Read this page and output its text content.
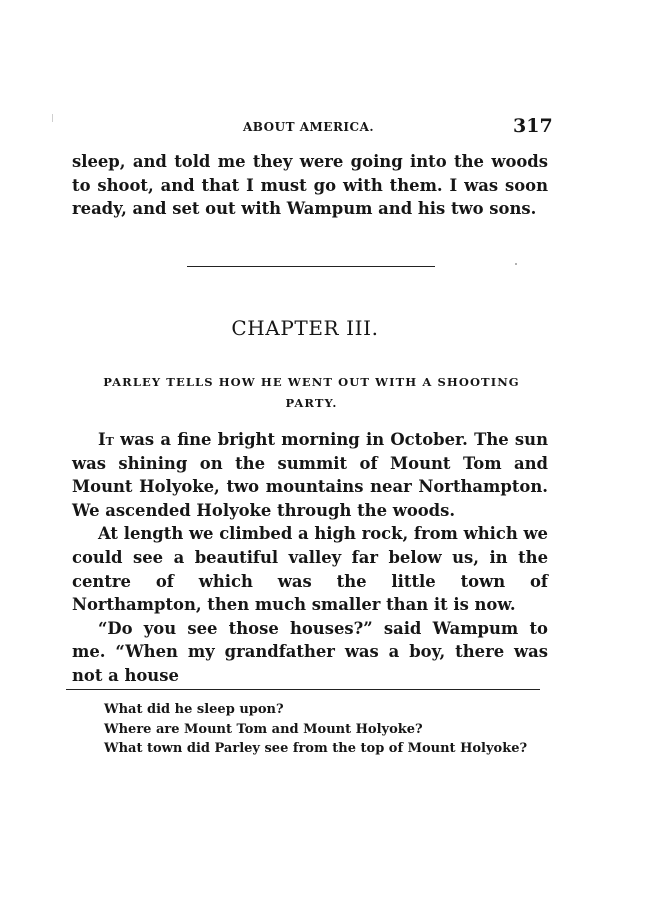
ABOUT AMERICA.	317

sleep, and told me they were going into the woods to shoot, and that I must go with them. I was soon ready, and set out with Wampum and his two sons.

CHAPTER III.
PARLEY TELLS HOW HE WENT OUT WITH A SHOOTING
PARTY.

It was a fine bright morning in October. The sun was shining on the summit of Mount Tom and Mount Holyoke, two mountains near Northampton. We ascended Holyoke through the woods.

At length we climbed a high rock, from which we could see a beautiful valley far below us, in the centre of which was the little town of Northampton, then much smaller than it is now.

“Do you see those houses?” said Wampum to me. “When my grandfather was a boy, there was not a house

What did he sleep upon?
Where are Mount Tom and Mount Holyoke?
What town did Parley see from the top of Mount Holyoke?
